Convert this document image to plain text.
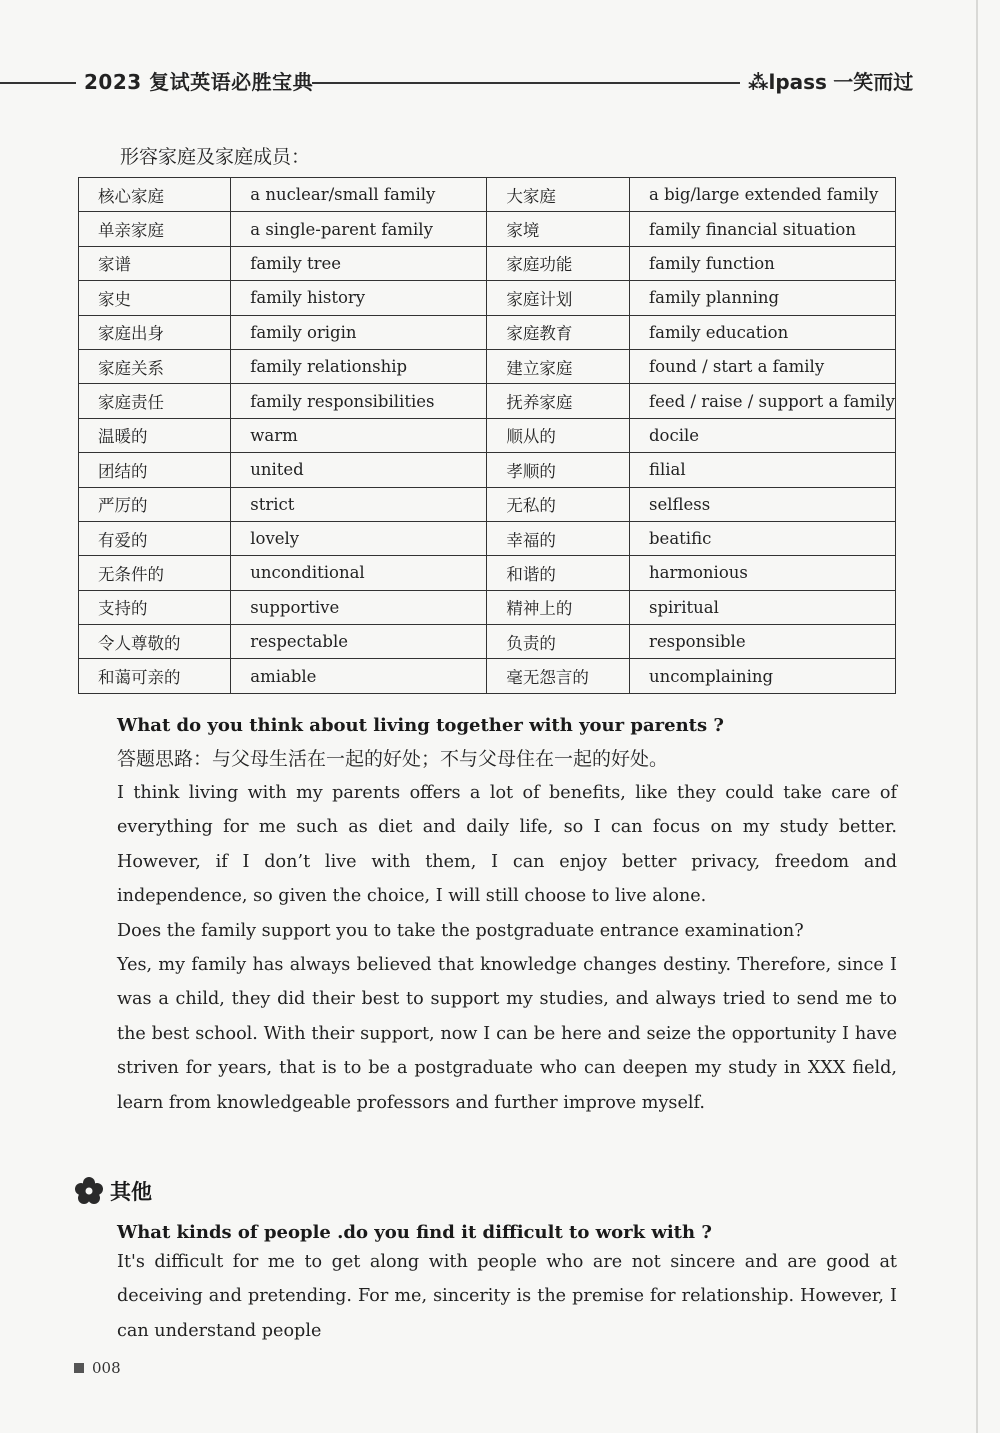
2023 复试英语必胜宝典	⁂lpass 一笑而过
形容家庭及家庭成员：
核心家庭	a nuclear/small family	大家庭	a big/large extended family
单亲家庭	a single-parent family	家境	family financial situation
家谱	family tree	家庭功能	family function
家史	family history	家庭计划	family planning
家庭出身	family origin	家庭教育	family education
家庭关系	family relationship	建立家庭	found / start a family
家庭责任	family responsibilities	抚养家庭	feed / raise / support a family
温暖的	warm	顺从的	docile
团结的	united	孝顺的	filial
严厉的	strict	无私的	selfless
有爱的	lovely	幸福的	beatific
无条件的	unconditional	和谐的	harmonious
支持的	supportive	精神上的	spiritual
令人尊敬的	respectable	负责的	responsible
和蔼可亲的	amiable	毫无怨言的	uncomplaining
What do you think about living together with your parents ?
答题思路：与父母生活在一起的好处；不与父母住在一起的好处。
I think living with my parents offers a lot of benefits, like they could take care of everything for me such as diet and daily life, so I can focus on my study better. However, if I don’t live with them, I can enjoy better privacy, freedom and independence, so given the choice, I will still choose to live alone.
Does the family support you to take the postgraduate entrance examination?
Yes, my family has always believed that knowledge changes destiny. Therefore, since I was a child, they did their best to support my studies, and always tried to send me to the best school. With their support, now I can be here and seize the opportunity I have striven for years, that is to be a postgraduate who can deepen my study in XXX field, learn from knowledgeable professors and further improve myself.
其他
What kinds of people .do you find it difficult to work with ?
It's difficult for me to get along with people who are not sincere and are good at deceiving and pretending. For me, sincerity is the premise for relationship. However, I can understand people
008
